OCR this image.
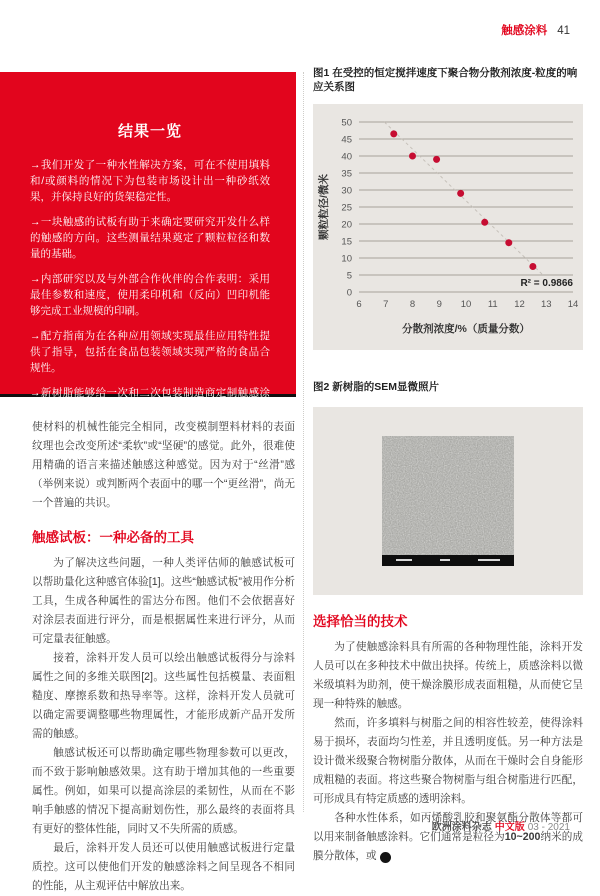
触感涂料 41
结果一览
→我们开发了一种水性解决方案，可在不使用填料和/或颜料的情况下为包装市场设计出一种砂纸效果，并保持良好的货架稳定性。
→一块触感的试板有助于来确定要研究开发什么样的触感的方向。这些测量结果奠定了颗粒粒径和数量的基础。
→内部研究以及与外部合作伙伴的合作表明：采用最佳参数和速度，使用柔印机和（反向）凹印机能够完成工业规模的印刷。
→配方指南为在各种应用领域实现最佳应用特性提供了指导，包括在食品包装领域实现严格的食品合规性。
→新树脂能够给一次和二次包装制造商定制触感涂料。
图1 在受控的恒定搅拌速度下聚合物分散剂浓度-粒度的响应关系图
0
5
10
15
20
25
30
35
40
45
50
6 7 8 9 10 11 12 13 14
R² = 0.9866
分散剂浓度/%（质量分数）
颗粒粒径/微米
图2 新树脂的SEM显微照片

使材料的机械性能完全相同，改变模制塑料材料的表面纹理也会改变所述“柔软”或“坚硬”的感觉。此外，很难使用精确的语言来描述触感这种感觉。因为对于“丝滑”感（举例来说）或判断两个表面中的哪一个“更丝滑”，尚无一个普遍的共识。

触感试板：一种必备的工具

为了解决这些问题，一种人类评估师的触感试板可以帮助量化这种感官体验[1]。这些“触感试板”被用作分析工具，生成各种属性的雷达分布图。他们不会依据喜好对涂层表面进行评分，而是根据属性来进行评分，从而可定量表征触感。

接着，涂料开发人员可以绘出触感试板得分与涂料属性之间的多维关联图[2]。这些属性包括模量、表面粗糙度、摩擦系数和热导率等。这样，涂料开发人员就可以确定需要调整哪些物理属性，才能形成新产品开发所需的触感。

触感试板还可以帮助确定哪些物理参数可以更改，而不致于影响触感效果。这有助于增加其他的一些重要属性。例如，如果可以提高涂层的柔韧性，从而在不影响手触感的情况下提高耐划伤性，那么最终的表面将具有更好的整体性能，同时又不失所需的质感。

最后，涂料开发人员还可以使用触感试板进行定量质控。这可以使他们开发的触感涂料之间呈现各不相同的性能，从主观评估中解放出来。

选择恰当的技术

为了使触感涂料具有所需的各种物理性能，涂料开发人员可以在多种技术中做出抉择。传统上，质感涂料以微米级填料为助剂，使干燥涂膜形成表面粗糙，从而使它呈现一种特殊的触感。

然而，许多填料与树脂之间的相容性较差，使得涂料易于损坏，表面均匀性差，并且透明度低。另一种方法是设计微米级聚合物树脂分散体，从而在干燥时会自身能形成粗糙的表面。将这些聚合物树脂与组合树脂进行匹配，可形成具有特定质感的透明涂料。

各种水性体系，如丙烯酸乳胶和聚氨酯分散体等都可以用来制备触感涂料。它们通常是粒径为10~200纳米的成膜分散体，或	›

欧洲涂料杂志 中文版 03 - 2021
